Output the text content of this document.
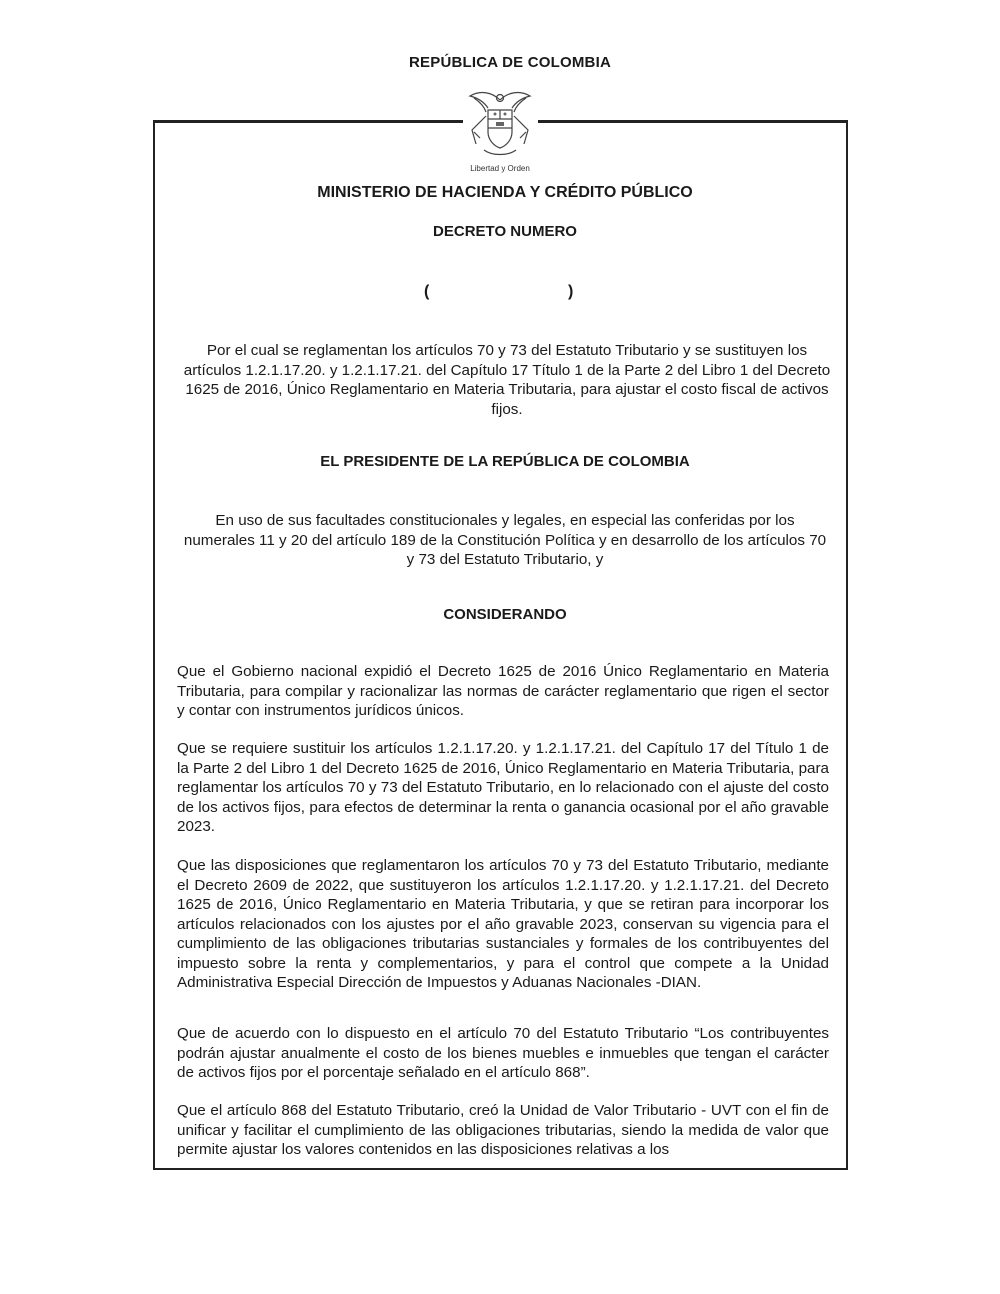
REPÚBLICA DE COLOMBIA
Libertad y Orden
MINISTERIO DE HACIENDA Y CRÉDITO PÚBLICO
DECRETO NUMERO
(	)
Por el cual se reglamentan los artículos 70 y 73 del Estatuto Tributario y se sustituyen los artículos 1.2.1.17.20. y 1.2.1.17.21. del Capítulo 17 Título 1 de la Parte 2 del Libro 1 del Decreto 1625 de 2016, Único Reglamentario en Materia Tributaria, para ajustar el costo fiscal de activos fijos.
EL PRESIDENTE DE LA REPÚBLICA DE COLOMBIA
En uso de sus facultades constitucionales y legales, en especial las conferidas por los numerales 11 y 20 del artículo 189 de la Constitución Política y en desarrollo de los artículos 70 y 73 del Estatuto Tributario, y
CONSIDERANDO
Que el Gobierno nacional expidió el Decreto 1625 de 2016 Único Reglamentario en Materia Tributaria, para compilar y racionalizar las normas de carácter reglamentario que rigen el sector y contar con instrumentos jurídicos únicos.
Que se requiere sustituir los artículos 1.2.1.17.20. y 1.2.1.17.21. del Capítulo 17 del Título 1 de la Parte 2 del Libro 1 del Decreto 1625 de 2016, Único Reglamentario en Materia Tributaria, para reglamentar los artículos 70 y 73 del Estatuto Tributario, en lo relacionado con el ajuste del costo de los activos fijos, para efectos de determinar la renta o ganancia ocasional por el año gravable 2023.
Que las disposiciones que reglamentaron los artículos 70 y 73 del Estatuto Tributario, mediante el Decreto 2609 de 2022, que sustituyeron los artículos 1.2.1.17.20. y 1.2.1.17.21. del Decreto 1625 de 2016, Único Reglamentario en Materia Tributaria, y que se retiran para incorporar los artículos relacionados con los ajustes por el año gravable 2023, conservan su vigencia para el cumplimiento de las obligaciones tributarias sustanciales y formales de los contribuyentes del impuesto sobre la renta y complementarios, y para el control que compete a la Unidad Administrativa Especial Dirección de Impuestos y Aduanas Nacionales -DIAN.
Que de acuerdo con lo dispuesto en el artículo 70 del Estatuto Tributario “Los contribuyentes podrán ajustar anualmente el costo de los bienes muebles e inmuebles que tengan el carácter de activos fijos por el porcentaje señalado en el artículo 868”.
Que el artículo 868 del Estatuto Tributario, creó la Unidad de Valor Tributario - UVT con el fin de unificar y facilitar el cumplimiento de las obligaciones tributarias, siendo la medida de valor que permite ajustar los valores contenidos en las disposiciones relativas a los
